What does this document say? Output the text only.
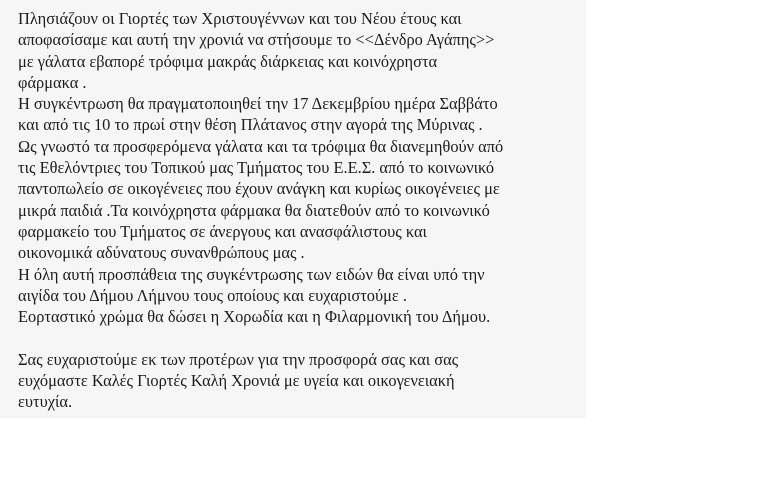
Πλησιάζουν οι Γιορτές των Χριστουγέννων και του Νέου έτους και
αποφασίσαμε και αυτή την χρονιά να στήσουμε το <<Δένδρο Αγάπης>>
με γάλατα εβαπορέ τρόφιμα μακράς διάρκειας και κοινόχρηστα
φάρμακα .
Η συγκέντρωση θα πραγματοποιηθεί την 17 Δεκεμβρίου ημέρα Σαββάτο
και από τις 10 το πρωί στην θέση Πλάτανος στην αγορά της Μύρινας .
Ως γνωστό τα προσφερόμενα γάλατα και τα τρόφιμα θα διανεμηθούν από
τις Εθελόντριες του Τοπικού μας Τμήματος του Ε.Ε.Σ. από το κοινωνικό
παντοπωλείο σε οικογένειες που έχουν ανάγκη και κυρίως οικογένειες με
μικρά παιδιά .Τα κοινόχρηστα φάρμακα θα διατεθούν από το κοινωνικό
φαρμακείο του Τμήματος σε άνεργους και ανασφάλιστους και
οικονομικά αδύνατους συνανθρώπους μας .
Η όλη αυτή προσπάθεια της συγκέντρωσης των ειδών θα είναι υπό την
αιγίδα του Δήμου Λήμνου τους οποίους και ευχαριστούμε .
Εορταστικό χρώμα θα δώσει η Χορωδία και η Φιλαρμονική του Δήμου.
Σας ευχαριστούμε εκ των προτέρων για την προσφορά σας και σας
ευχόμαστε Καλές Γιορτές Καλή Χρονιά με υγεία και οικογενειακή
ευτυχία.
